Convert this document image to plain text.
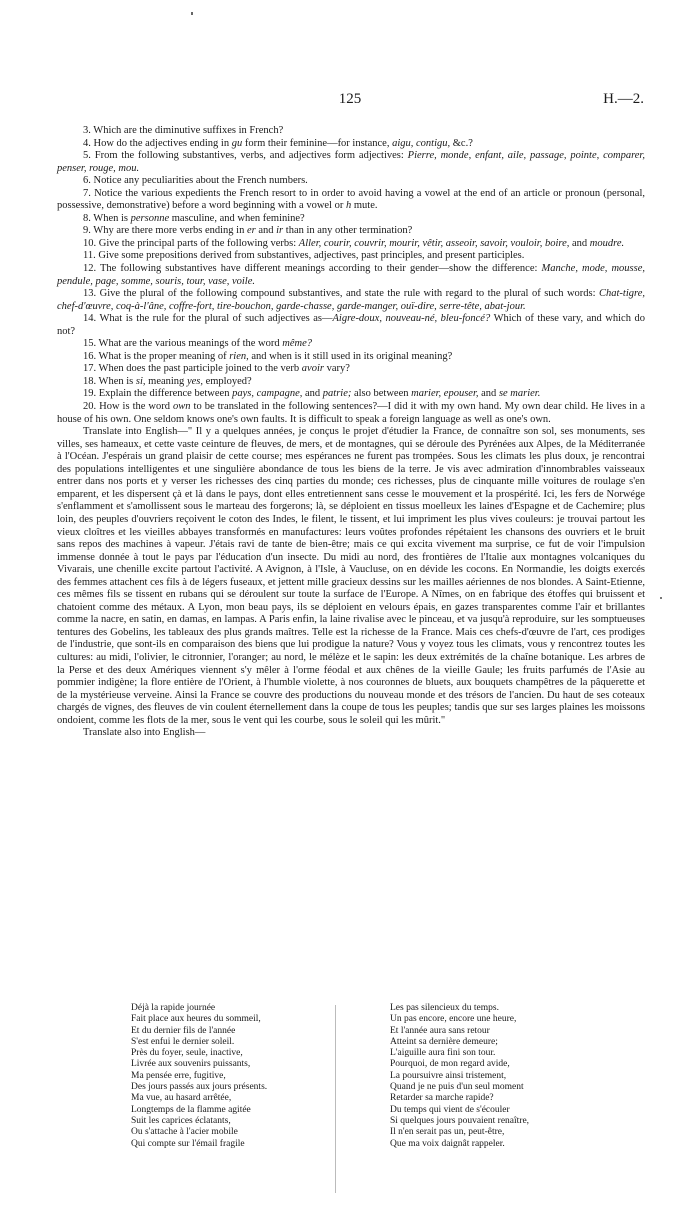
125	H.—2.

3. Which are the diminutive suffixes in French?

4. How do the adjectives ending in gu form their feminine—for instance, aigu, contigu, &c.?

5. From the following substantives, verbs, and adjectives form adjectives: Pierre, monde, enfant, aile, passage, pointe, comparer, penser, rouge, mou.

6. Notice any peculiarities about the French numbers.

7. Notice the various expedients the French resort to in order to avoid having a vowel at the end of an article or pronoun (personal, possessive, demonstrative) before a word beginning with a vowel or h mute.

8. When is personne masculine, and when feminine?

9. Why are there more verbs ending in er and ir than in any other termination?

10. Give the principal parts of the following verbs: Aller, courir, couvrir, mourir, vêtir, asseoir, savoir, vouloir, boire, and moudre.

11. Give some prepositions derived from substantives, adjectives, past principles, and present participles.

12. The following substantives have different meanings according to their gender—show the difference: Manche, mode, mousse, pendule, page, somme, souris, tour, vase, voile.

13. Give the plural of the following compound substantives, and state the rule with regard to the plural of such words: Chat-tigre, chef-d'œuvre, coq-à-l'âne, coffre-fort, tire-bouchon, garde-chasse, garde-manger, ouï-dire, serre-tête, abat-jour.

14. What is the rule for the plural of such adjectives as—Aigre-doux, nouveau-né, bleu-foncé? Which of these vary, and which do not?

15. What are the various meanings of the word même?

16. What is the proper meaning of rien, and when is it still used in its original meaning?

17. When does the past participle joined to the verb avoir vary?

18. When is si, meaning yes, employed?

19. Explain the difference between pays, campagne, and patrie; also between marier, epouser, and se marier.

20. How is the word own to be translated in the following sentences?—I did it with my own hand. My own dear child. He lives in a house of his own. One seldom knows one's own faults. It is difficult to speak a foreign language as well as one's own.

Translate into English—" Il y a quelques années, je conçus le projet d'étudier la France, de connaître son sol, ses monuments, ses villes, ses hameaux, et cette vaste ceinture de fleuves, de mers, et de montagnes, qui se déroule des Pyrénées aux Alpes, de la Méditerranée à l'Océan. J'espérais un grand plaisir de cette course; mes espérances ne furent pas trompées. Sous les climats les plus doux, je rencontrai des populations intelligentes et une singulière abondance de tous les biens de la terre. Je vis avec admiration d'innombrables vaisseaux entrer dans nos ports et y verser les richesses des cinq parties du monde; ces richesses, plus de cinquante mille voitures de roulage s'en emparent, et les dispersent çà et là dans le pays, dont elles entretiennent sans cesse le mouvement et la prospérité. Ici, les fers de Norwége s'enflamment et s'amollissent sous le marteau des forgerons; là, se déploient en tissus moelleux les laines d'Espagne et de Cachemire; plus loin, des peuples d'ouvriers reçoivent le coton des Indes, le filent, le tissent, et lui impriment les plus vives couleurs: je trouvai partout les vieux cloîtres et les vieilles abbayes transformés en manufactures: leurs voûtes profondes répétaient les chansons des ouvriers et le bruit sans repos des machines à vapeur. J'étais ravi de tante de bien-être; mais ce qui excita vivement ma surprise, ce fut de voir l'impulsion immense donnée à tout le pays par l'éducation d'un insecte. Du midi au nord, des frontières de l'Italie aux montagnes volcaniques du Vivarais, une chenille excite partout l'activité. A Avignon, à l'Isle, à Vaucluse, on en dévide les cocons. En Normandie, les doigts exercés des femmes attachent ces fils à de légers fuseaux, et jettent mille gracieux dessins sur les mailles aériennes de nos blondes. A Saint-Etienne, ces mêmes fils se tissent en rubans qui se déroulent sur toute la surface de l'Europe. A Nîmes, on en fabrique des étoffes qui bruissent et chatoient comme des métaux. A Lyon, mon beau pays, ils se déploient en velours épais, en gazes transparentes comme l'air et brillantes comme la nacre, en satin, en damas, en lampas. A Paris enfin, la laine rivalise avec le pinceau, et va jusqu'à reproduire, sur les somptueuses tentures des Gobelins, les tableaux des plus grands maîtres. Telle est la richesse de la France. Mais ces chefs-d'œuvre de l'art, ces prodiges de l'industrie, que sont-ils en comparaison des biens que lui prodigue la nature? Vous y voyez tous les climats, vous y rencontrez toutes les cultures: au midi, l'olivier, le citronnier, l'oranger; au nord, le mélèze et le sapin: les deux extrémités de la chaîne botanique. Les arbres de la Perse et des deux Amériques viennent s'y mêler à l'orme féodal et aux chênes de la vieille Gaule; les fruits parfumés de l'Asie au pommier indigène; la flore entière de l'Orient, à l'humble violette, à nos couronnes de bluets, aux bouquets champêtres de la pâquerette et de la mystérieuse verveine. Ainsi la France se couvre des productions du nouveau monde et des trésors de l'ancien. Du haut de ses coteaux chargés de vignes, des fleuves de vin coulent éternellement dans la coupe de tous les peuples; tandis que sur ses larges plaines les moissons ondoient, comme les flots de la mer, sous le vent qui les courbe, sous le soleil qui les mûrit."

Translate also into English—

Déjà la rapide journée
Fait place aux heures du sommeil,
Et du dernier fils de l'année
S'est enfui le dernier soleil.
Près du foyer, seule, inactive,
Livrée aux souvenirs puissants,
Ma pensée erre, fugitive,
Des jours passés aux jours présents.
Ma vue, au hasard arrêtée,
Longtemps de la flamme agitée
Suit les caprices éclatants,
Ou s'attache à l'acier mobile
Qui compte sur l'émail fragile
Les pas silencieux du temps.
Un pas encore, encore une heure,
Et l'année aura sans retour
Atteint sa dernière demeure;
L'aiguille aura fini son tour.
Pourquoi, de mon regard avide,
La poursuivre ainsi tristement,
Quand je ne puis d'un seul moment
Retarder sa marche rapide?
Du temps qui vient de s'écouler
Si quelques jours pouvaient renaître,
Il n'en serait pas un, peut-être,
Que ma voix daignât rappeler.
